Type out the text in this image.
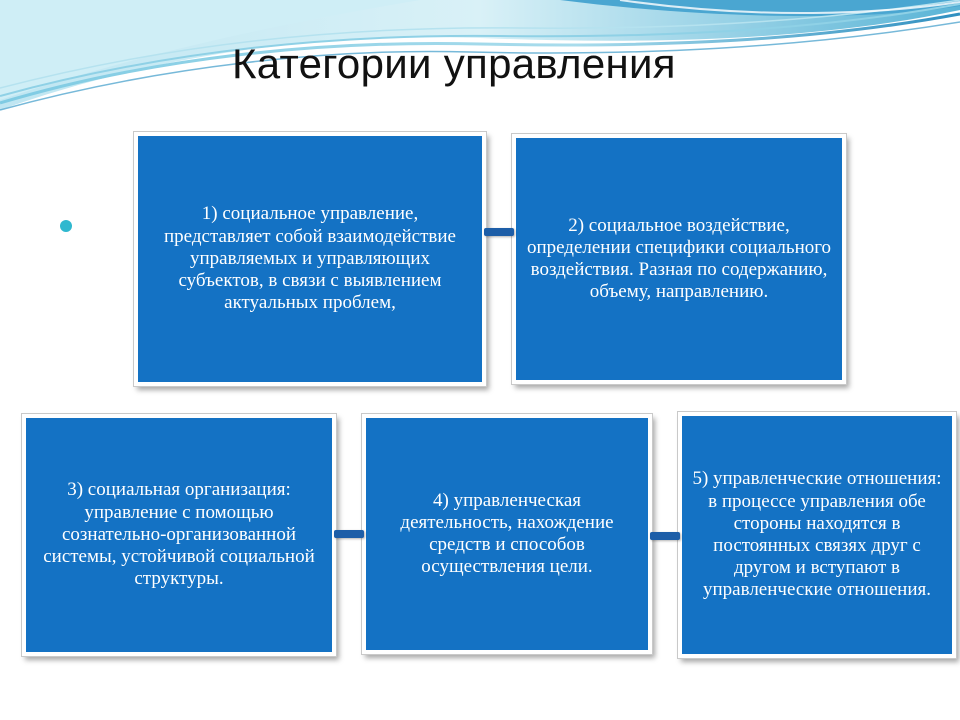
Категории управления
1) социальное управление, представляет собой взаимодействие управляемых и управляющих субъектов, в связи с выявлением актуальных проблем,
2) социальное воздействие, определении специфики социального воздействия. Разная по содержанию, объему, направлению.
3) социальная организация: управление с помощью сознательно-организованной системы, устойчивой социальной структуры.
4) управленческая деятельность, нахождение средств и способов осуществления цели.
5) управленческие отношения: в процессе управления обе стороны находятся в постоянных связях друг с другом и вступают в управленческие отношения.
